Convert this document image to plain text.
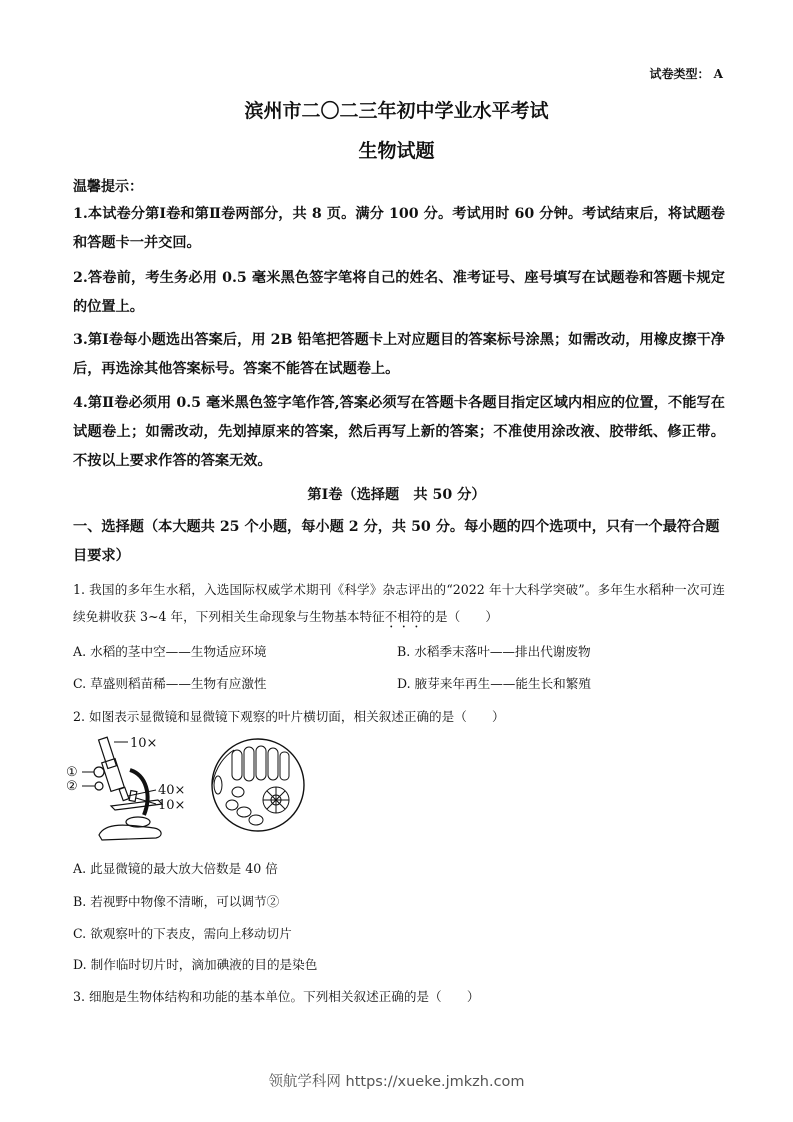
试卷类型： A
滨州市二〇二三年初中学业水平考试
生物试题
温馨提示：
1.本试卷分第Ⅰ卷和第Ⅱ卷两部分，共 8 页。满分 100 分。考试用时 60 分钟。考试结束后，将试题卷和答题卡一并交回。
2.答卷前，考生务必用 0.5 毫米黑色签字笔将自己的姓名、准考证号、座号填写在试题卷和答题卡规定的位置上。
3.第Ⅰ卷每小题选出答案后，用 2B 铅笔把答题卡上对应题目的答案标号涂黑；如需改动，用橡皮擦干净后，再选涂其他答案标号。答案不能答在试题卷上。
4.第Ⅱ卷必须用 0.5 毫米黑色签字笔作答,答案必须写在答题卡各题目指定区域内相应的位置，不能写在试题卷上；如需改动，先划掉原来的答案，然后再写上新的答案；不准使用涂改液、胶带纸、修正带。不按以上要求作答的答案无效。
第Ⅰ卷（选择题　共 50 分）
一、选择题（本大题共 25 个小题，每小题 2 分，共 50 分。每小题的四个选项中，只有一个最符合题目要求）
1. 我国的多年生水稻，入选国际权威学术期刊《科学》杂志评出的“2022 年十大科学突破”。多年生水稻种一次可连续免耕收获 3~4 年，下列相关生命现象与生物基本特征不相符的是（　　）
A. 水稻的茎中空——生物适应环境	B. 水稻季末落叶——排出代谢废物
C. 草盛则稻苗稀——生物有应激性	D. 腋芽来年再生——能生长和繁殖
2. 如图表示显微镜和显微镜下观察的叶片横切面，相关叙述正确的是（　　）
10×
①
②	40×
10×
A. 此显微镜的最大放大倍数是 40 倍
B. 若视野中物像不清晰，可以调节②
C. 欲观察叶的下表皮，需向上移动切片
D. 制作临时切片时，滴加碘液的目的是染色
3. 细胞是生物体结构和功能的基本单位。下列相关叙述正确的是（　　）
领航学科网 https://xueke.jmkzh.com
